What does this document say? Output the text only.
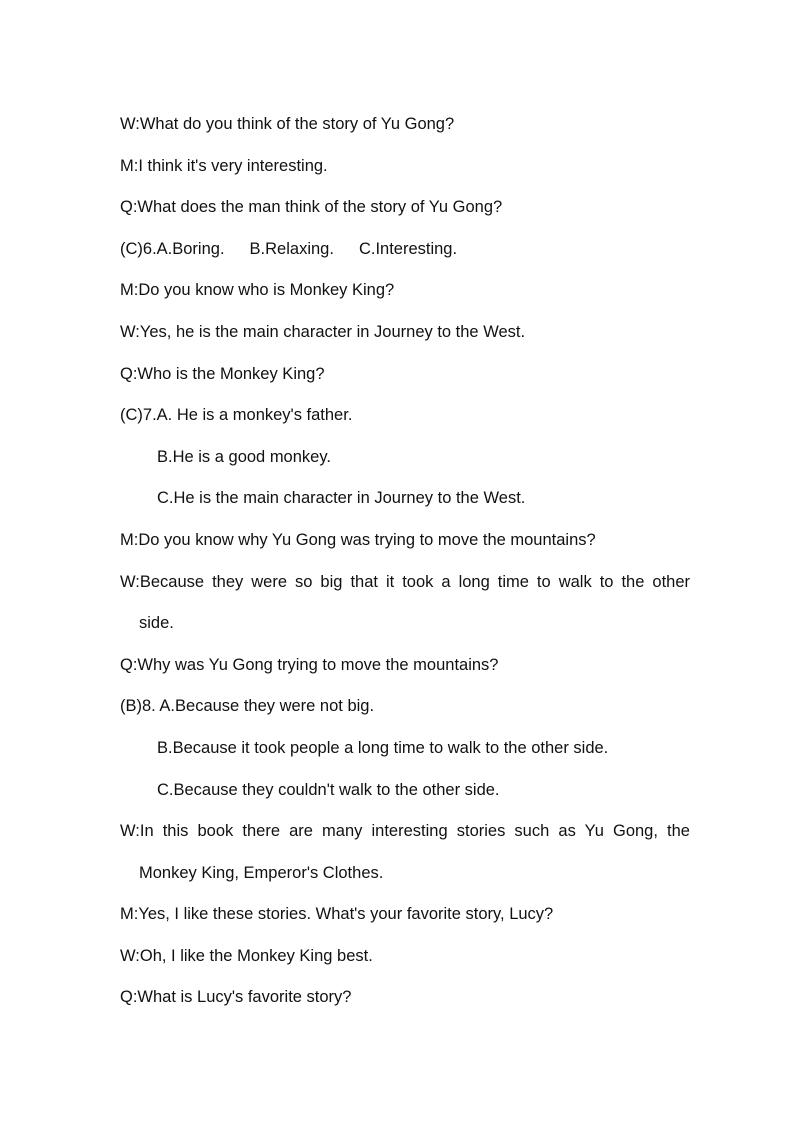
W:What do you think of the story of Yu Gong?
M:I think it's very interesting.
Q:What does the man think of the story of Yu Gong?
(C)6.A.Boring. B.Relaxing. C.Interesting.
M:Do you know who is Monkey King?
W:Yes, he is the main character in Journey to the West.
Q:Who is the Monkey King?
(C)7.A. He is a monkey's father.
B.He is a good monkey.
C.He is the main character in Journey to the West.
M:Do you know why Yu Gong was trying to move the mountains?
W:Because they were so big that it took a long time to walk to the other
side.
Q:Why was Yu Gong trying to move the mountains?
(B)8. A.Because they were not big.
B.Because it took people a long time to walk to the other side.
C.Because they couldn't walk to the other side.
W:In this book there are many interesting stories such as Yu Gong, the
Monkey King, Emperor's Clothes.
M:Yes, I like these stories. What's your favorite story, Lucy?
W:Oh, I like the Monkey King best.
Q:What is Lucy's favorite story?
